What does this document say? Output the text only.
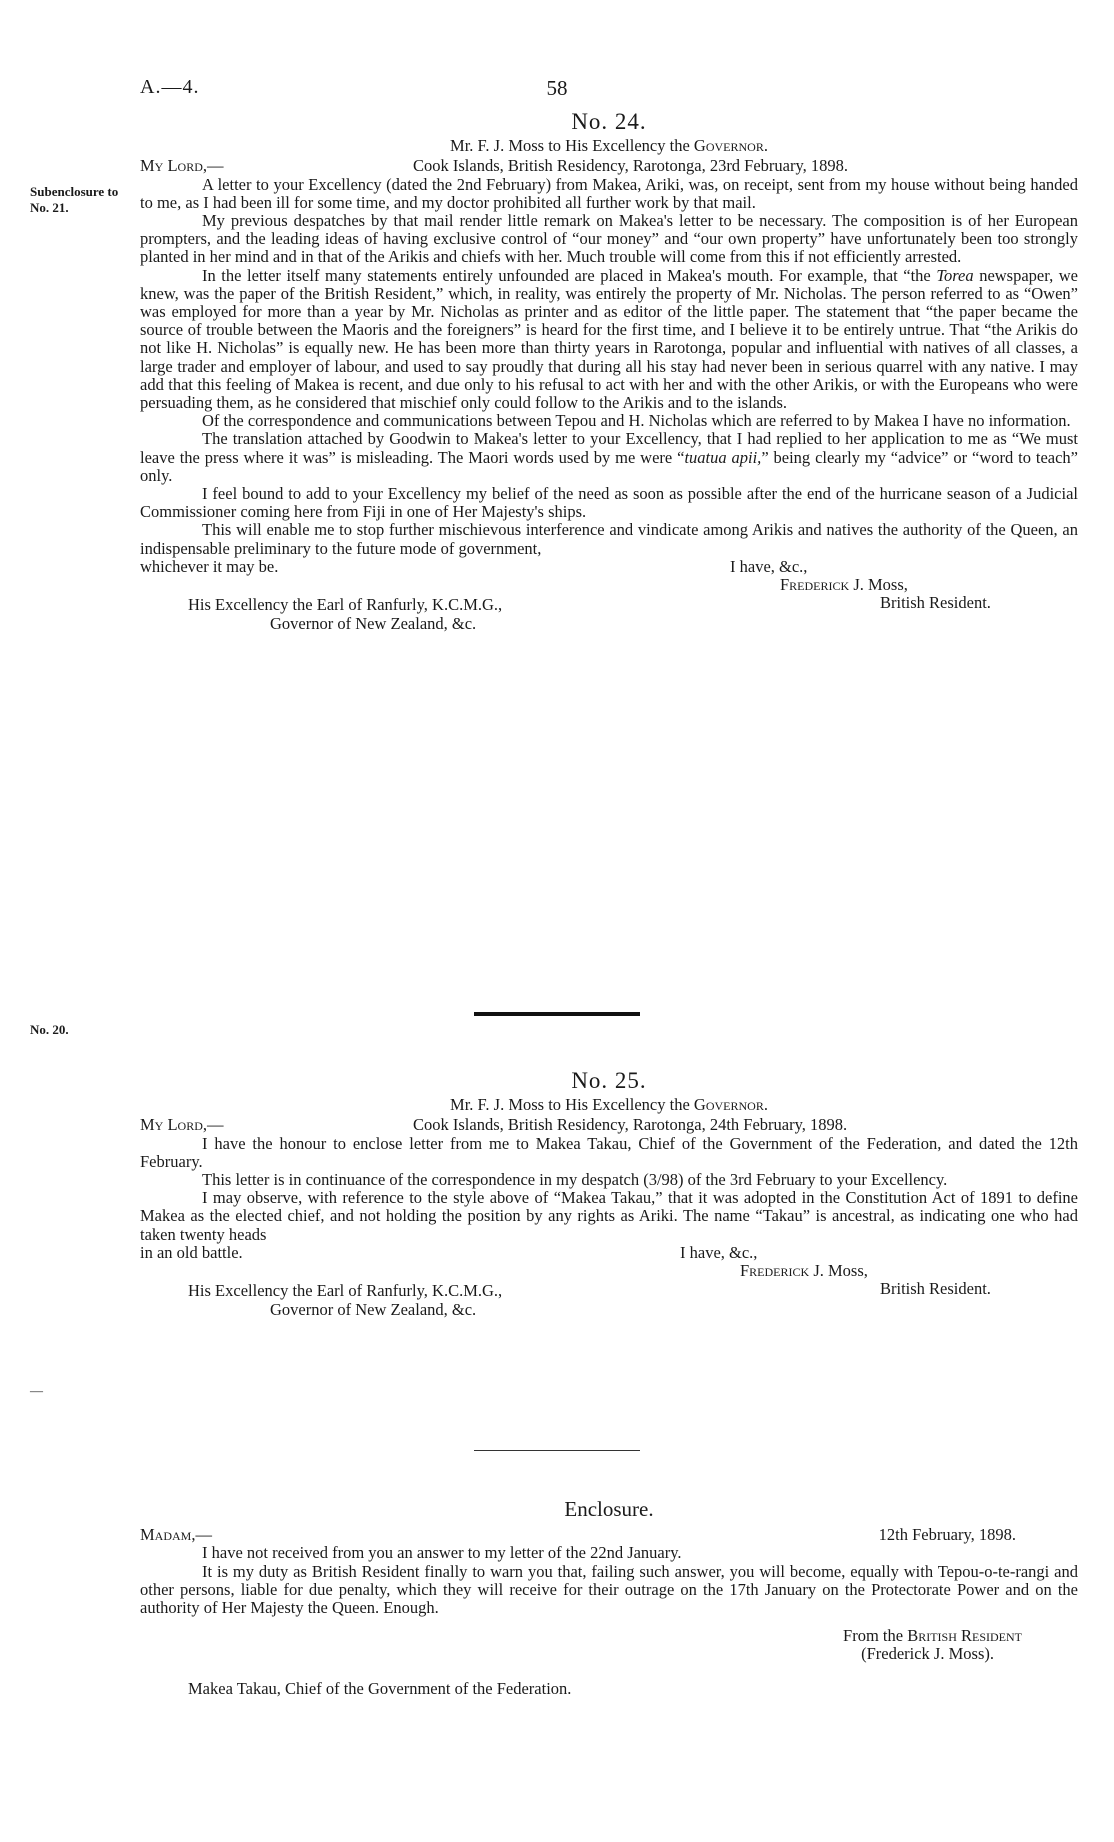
A.—4.	58
Subenclosure to No. 21.
No. 20.
—
No. 24.
Mr. F. J. Moss to His Excellency the Governor.
My Lord,—	Cook Islands, British Residency, Rarotonga, 23rd February, 1898.

A letter to your Excellency (dated the 2nd February) from Makea, Ariki, was, on receipt, sent from my house without being handed to me, as I had been ill for some time, and my doctor prohibited all further work by that mail.

My previous despatches by that mail render little remark on Makea's letter to be necessary. The composition is of her European prompters, and the leading ideas of having exclusive control of “our money” and “our own property” have unfortunately been too strongly planted in her mind and in that of the Arikis and chiefs with her. Much trouble will come from this if not efficiently arrested.

In the letter itself many statements entirely unfounded are placed in Makea's mouth. For example, that “the Torea newspaper, we knew, was the paper of the British Resident,” which, in reality, was entirely the property of Mr. Nicholas. The person referred to as “Owen” was employed for more than a year by Mr. Nicholas as printer and as editor of the little paper. The statement that “the paper became the source of trouble between the Maoris and the foreigners” is heard for the first time, and I believe it to be entirely untrue. That “the Arikis do not like H. Nicholas” is equally new. He has been more than thirty years in Rarotonga, popular and influential with natives of all classes, a large trader and employer of labour, and used to say proudly that during all his stay had never been in serious quarrel with any native. I may add that this feeling of Makea is recent, and due only to his refusal to act with her and with the other Arikis, or with the Europeans who were persuading them, as he considered that mischief only could follow to the Arikis and to the islands.

Of the correspondence and communications between Tepou and H. Nicholas which are referred to by Makea I have no information.

The translation attached by Goodwin to Makea's letter to your Excellency, that I had replied to her application to me as “We must leave the press where it was” is misleading. The Maori words used by me were “tuatua apii,” being clearly my “advice” or “word to teach” only.

I feel bound to add to your Excellency my belief of the need as soon as possible after the end of the hurricane season of a Judicial Commissioner coming here from Fiji in one of Her Majesty's ships.

This will enable me to stop further mischievous interference and vindicate among Arikis and natives the authority of the Queen, an indispensable preliminary to the future mode of government,

whichever it may be.	I have, &c.,
Frederick J. Moss,
British Resident.
His Excellency the Earl of Ranfurly, K.C.M.G.,
Governor of New Zealand, &c.
No. 25.
Mr. F. J. Moss to His Excellency the Governor.
My Lord,—	Cook Islands, British Residency, Rarotonga, 24th February, 1898.

I have the honour to enclose letter from me to Makea Takau, Chief of the Government of the Federation, and dated the 12th February.

This letter is in continuance of the correspondence in my despatch (3/98) of the 3rd February to your Excellency.

I may observe, with reference to the style above of “Makea Takau,” that it was adopted in the Constitution Act of 1891 to define Makea as the elected chief, and not holding the position by any rights as Ariki. The name “Takau” is ancestral, as indicating one who had taken twenty heads

in an old battle.	I have, &c.,
Frederick J. Moss,
British Resident.
His Excellency the Earl of Ranfurly, K.C.M.G.,
Governor of New Zealand, &c.
Enclosure.
Madam,—	12th February, 1898.

I have not received from you an answer to my letter of the 22nd January.

It is my duty as British Resident finally to warn you that, failing such answer, you will become, equally with Tepou-o-te-rangi and other persons, liable for due penalty, which they will receive for their outrage on the 17th January on the Protectorate Power and on the authority of Her Majesty the Queen. Enough.

From the British Resident
(Frederick J. Moss).
Makea Takau, Chief of the Government of the Federation.
